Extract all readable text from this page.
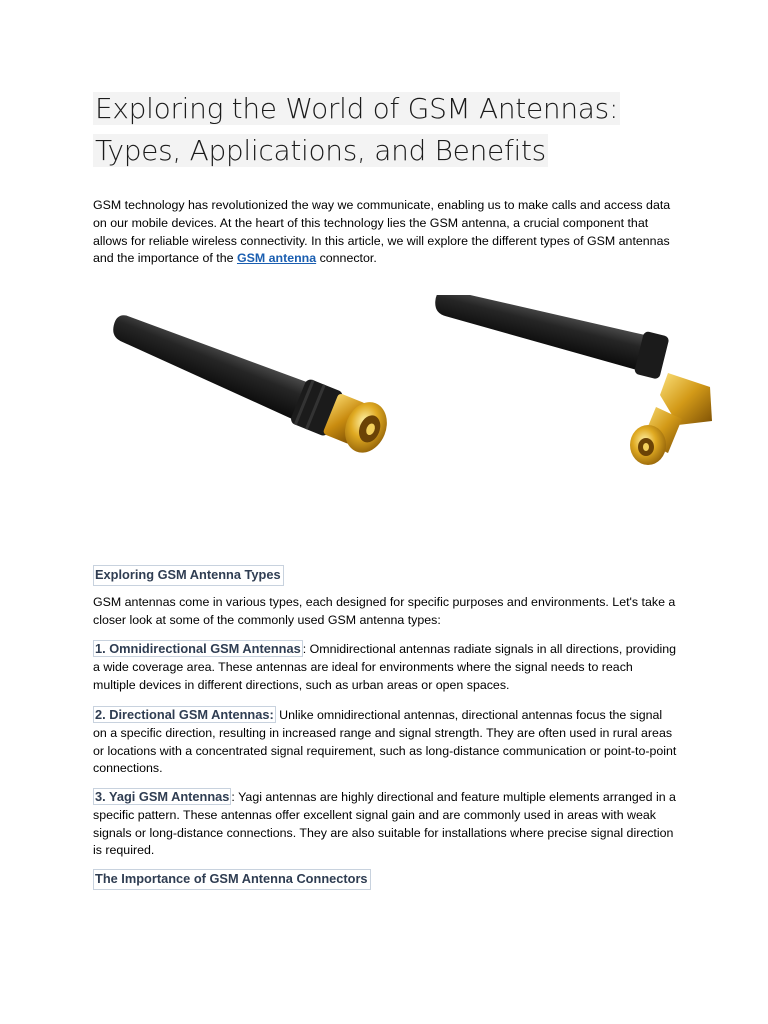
Exploring the World of GSM Antennas:
Types, Applications, and Benefits

GSM technology has revolutionized the way we communicate, enabling us to make calls and access data on our mobile devices. At the heart of this technology lies the GSM antenna, a crucial component that allows for reliable wireless connectivity. In this article, we will explore the different types of GSM antennas and the importance of the GSM antenna connector.

Exploring GSM Antenna Types

GSM antennas come in various types, each designed for specific purposes and environments. Let's take a closer look at some of the commonly used GSM antenna types:

1. Omnidirectional GSM Antennas : Omnidirectional antennas radiate signals in all directions, providing a wide coverage area. These antennas are ideal for environments where the signal needs to reach multiple devices in different directions, such as urban areas or open spaces.

2. Directional GSM Antennas: Unlike omnidirectional antennas, directional antennas focus the signal on a specific direction, resulting in increased range and signal strength. They are often used in rural areas or locations with a concentrated signal requirement, such as long-distance communication or point-to-point connections.

3. Yagi GSM Antennas : Yagi antennas are highly directional and feature multiple elements arranged in a specific pattern. These antennas offer excellent signal gain and are commonly used in areas with weak signals or long-distance connections. They are also suitable for installations where precise signal direction is required.

The Importance of GSM Antenna Connectors
